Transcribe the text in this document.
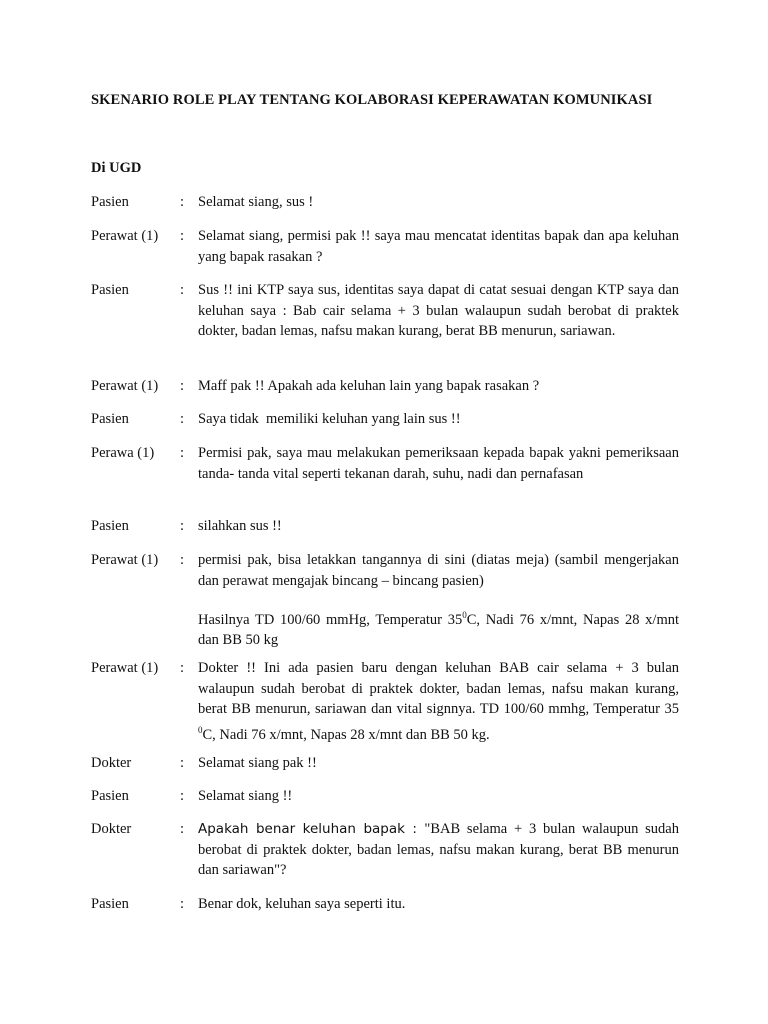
SKENARIO ROLE PLAY TENTANG KOLABORASI KEPERAWATAN KOMUNIKASI
Di UGD
Pasien	: Selamat siang, sus !

Perawat (1)	: Selamat siang, permisi pak !! saya mau mencatat identitas bapak dan apa keluhan yang bapak rasakan ?

Pasien	: Sus !! ini KTP saya sus, identitas saya dapat di catat sesuai dengan KTP saya dan keluhan saya : Bab cair selama + 3 bulan walaupun sudah berobat di praktek dokter, badan lemas, nafsu makan kurang, berat BB menurun, sariawan.

Perawat (1)	: Maff pak !! Apakah ada keluhan lain yang bapak rasakan ?

Pasien	: Saya tidak  memiliki keluhan yang lain sus !!

Perawa (1)	: Permisi pak, saya mau melakukan pemeriksaan kepada bapak yakni pemeriksaan tanda- tanda vital seperti tekanan darah, suhu, nadi dan pernafasan

Pasien	: silahkan sus !!

Perawat (1)	: permisi pak, bisa letakkan tangannya di sini (diatas meja) (sambil mengerjakan dan perawat mengajak bincang – bincang pasien)

Hasilnya TD 100/60 mmHg, Temperatur $35^0C$, Nadi 76 x/mnt, Napas 28 x/mnt dan BB 50 kg

Perawat (1)	: Dokter !! Ini ada pasien baru dengan keluhan BAB cair selama + 3 bulan walaupun sudah berobat di praktek dokter, badan lemas, nafsu makan kurang, berat BB menurun, sariawan dan vital signnya. TD 100/60 mmhg, Temperatur 35 $^0$C, Nadi 76 x/mnt, Napas 28 x/mnt dan BB 50 kg.

Dokter	: Selamat siang pak !!

Pasien	: Selamat siang !!

Dokter	: Apakah benar keluhan bapak : "BAB selama + 3 bulan walaupun sudah berobat di praktek dokter, badan lemas, nafsu makan kurang, berat BB menurun dan sariawan"?

Pasien	: Benar dok, keluhan saya seperti itu.
